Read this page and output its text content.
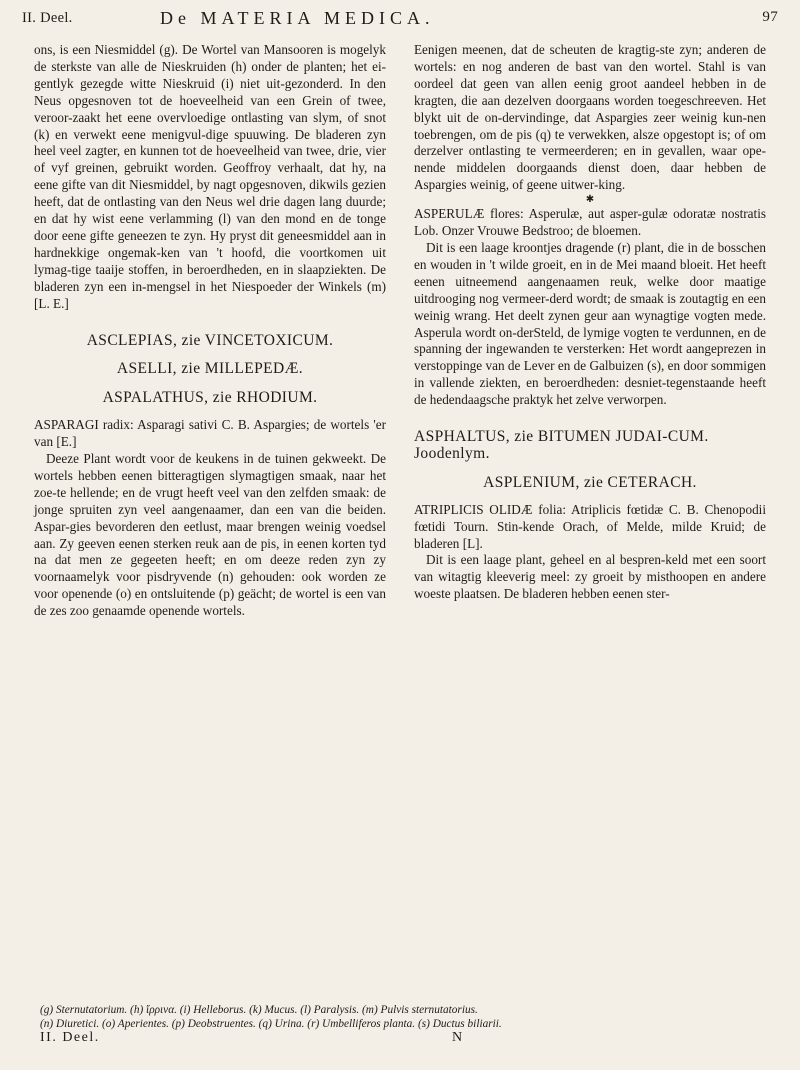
II. Deel.	De MATERIA MEDICA.	97

ons, is een Niesmiddel (g). De Wortel van Mansooren is mogelyk de sterkste van alle de Nieskruiden (h) onder de planten; het ei-gentlyk gezegde witte Nieskruid (i) niet uit-gezonderd. In den Neus opgesnoven tot de hoeveelheid van een Grein of twee, veroor-zaakt het eene overvloedige ontlasting van slym, of snot (k) en verwekt eene menigvul-dige spuuwing. De bladeren zyn heel veel zagter, en kunnen tot de hoeveelheid van twee, drie, vier of vyf greinen, gebruikt worden. Geoffroy verhaalt, dat hy, na eene gifte van dit Niesmiddel, by nagt opgesnoven, dikwils gezien heeft, dat de ontlasting van den Neus wel drie dagen lang duurde; en dat hy wist eene verlamming (l) van den mond en de tonge door eene gifte geneezen te zyn. Hy pryst dit geneesmiddel aan in hardnekkige ongemak-ken van 't hoofd, die voortkomen uit lymag-tige taaije stoffen, in beroerdheden, en in slaapziekten. De bladeren zyn een in-mengsel in het Niespoeder der Winkels (m) [L. E.]

ASCLEPIAS, zie VINCETOXICUM.
ASELLI, zie MILLEPEDÆ.
ASPALATHUS, zie RHODIUM.

ASPARAGI radix: Asparagi sativi C. B. Aspargies; de wortels 'er van [E.]

Deeze Plant wordt voor de keukens in de tuinen gekweekt. De wortels hebben eenen bitteragtigen slymagtigen smaak, naar het zoe-te hellende; en de vrugt heeft veel van den zelfden smaak: de jonge spruiten zyn veel aangenaamer, dan een van die beiden. Aspar-gies bevorderen den eetlust, maar brengen weinig voedsel aan. Zy geeven eenen sterken reuk aan de pis, in eenen korten tyd na dat men ze gegeeten heeft; en om deeze reden zyn zy voornaamelyk voor pisdryvende (n) gehouden: ook worden ze voor openende (o) en ontsluitende (p) geächt; de wortel is een van de zes zoo genaamde openende wortels.

Eenigen meenen, dat de scheuten de kragtig-ste zyn; anderen de wortels: en nog anderen de bast van den wortel. Stahl is van oordeel dat geen van allen eenig groot aandeel hebben in de kragten, die aan dezelven doorgaans worden toegeschreeven. Het blykt uit de on-dervindinge, dat Aspargies zeer weinig kun-nen toebrengen, om de pis (q) te verwekken, alsze opgestopt is; of om derzelver ontlasting te vermeerderen; en in gevallen, waar ope-nende middelen doorgaands dienst doen, daar hebben de Aspargies weinig, of geene uitwer-king.

✱

ASPERULÆ flores: Asperulæ, aut asper-gulæ odoratæ nostratis Lob. Onzer Vrouwe Bedstroo; de bloemen.

Dit is een laage kroontjes dragende (r) plant, die in de bosschen en wouden in 't wilde groeit, en in de Mei maand bloeit. Het heeft eenen uitneemend aangenaamen reuk, welke door maatige uitdrooging nog vermeer-derd wordt; de smaak is zoutagtig en een weinig wrang. Het deelt zynen geur aan wynagtige vogten mede. Asperula wordt on-derSteld, de lymige vogten te verdunnen, en de spanning der ingewanden te versterken: Het wordt aangeprezen in verstoppinge van de Lever en de Galbuizen (s), en door sommigen in vallende ziekten, en beroerdheden: desniet-tegenstaande heeft de hedendaagsche praktyk het zelve verworpen.

ASPHALTUS, zie BITUMEN JUDAI-CUM. Joodenlym.
ASPLENIUM, zie CETERACH.

ATRIPLICIS OLIDÆ folia: Atriplicis fœtidæ C. B. Chenopodii fœtidi Tourn. Stin-kende Orach, of Melde, milde Kruid; de bladeren [L].

Dit is een laage plant, geheel en al bespren-keld met een soort van witagtig kleeverig meel: zy groeit by misthoopen en andere woeste plaatsen. De bladeren hebben eenen ster-

(g) Sternutatorium. (h) ἴρρινα. (i) Helleborus. (k) Mucus. (l) Paralysis. (m) Pulvis sternutatorius.
(n) Diuretici. (o) Aperientes. (p) Deobstruentes. (q) Urina. (r) Umbelliferos planta. (s) Ductus biliarii.
II. Deel.	N
